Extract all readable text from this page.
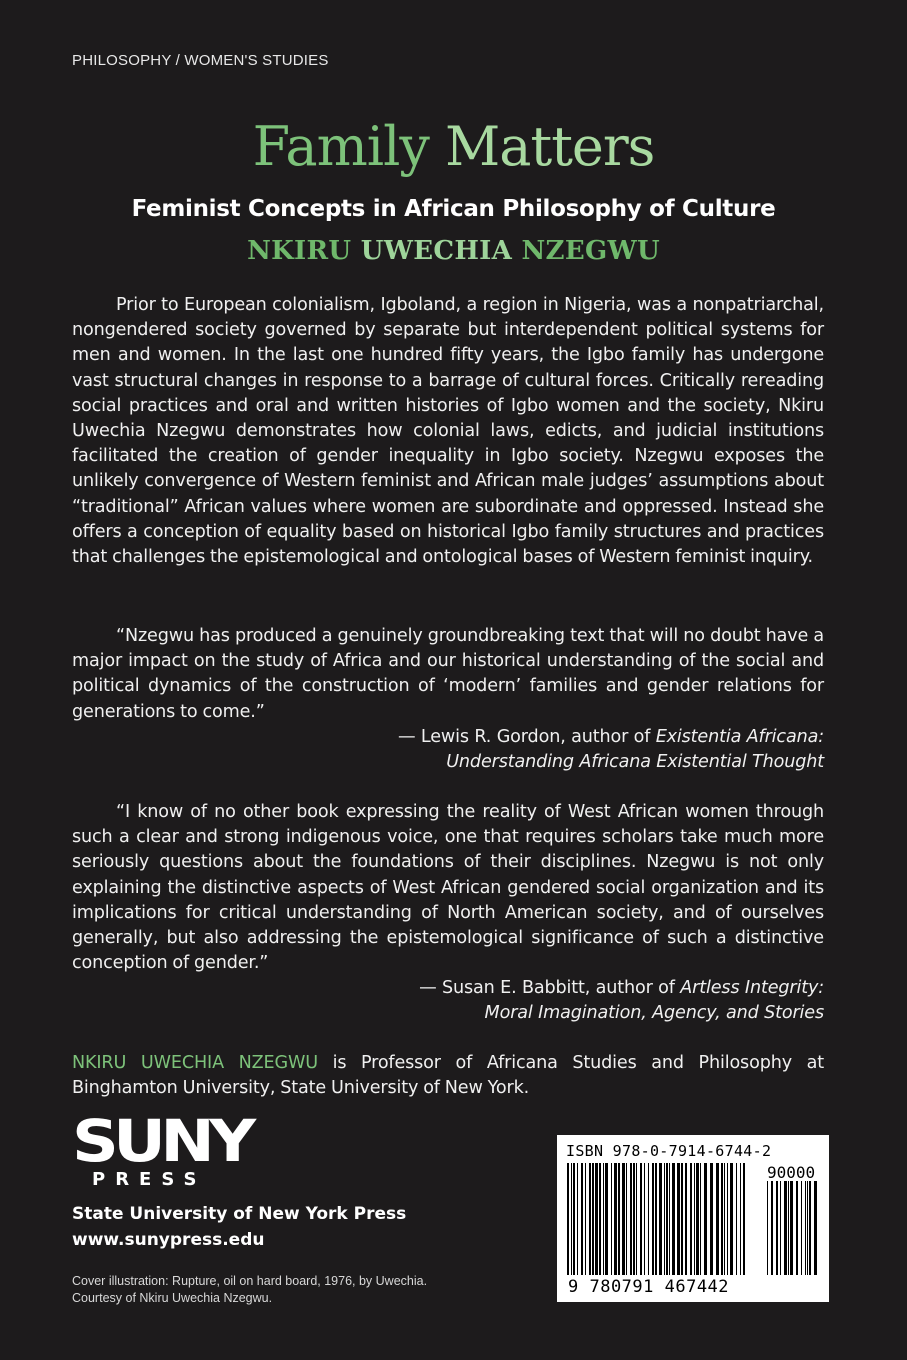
PHILOSOPHY / WOMEN'S STUDIES
Family Matters
Feminist Concepts in African Philosophy of Culture
NKIRU UWECHIA NZEGWU

Prior to European colonialism, Igboland, a region in Nigeria, was a nonpatriarchal, nongendered society governed by separate but interdependent political systems for men and women. In the last one hundred fifty years, the Igbo family has undergone vast structural changes in response to a barrage of cultural forces. Critically rereading social practices and oral and written histories of Igbo women and the society, Nkiru Uwechia Nzegwu demonstrates how colonial laws, edicts, and judicial institutions facilitated the creation of gender inequality in Igbo society. Nzegwu exposes the unlikely convergence of Western feminist and African male judges’ assumptions about “traditional” African values where women are subordinate and oppressed. Instead she offers a conception of equality based on historical Igbo family structures and practices that challenges the epistemological and ontological bases of Western feminist inquiry.

“Nzegwu has produced a genuinely groundbreaking text that will no doubt have a major impact on the study of Africa and our historical understanding of the social and political dynamics of the construction of ‘modern’ families and gender relations for generations to come.”

— Lewis R. Gordon, author of Existentia Africana:
Understanding Africana Existential Thought

“I know of no other book expressing the reality of West African women through such a clear and strong indigenous voice, one that requires scholars take much more seriously questions about the foundations of their disciplines. Nzegwu is not only explaining the distinctive aspects of West African gendered social organization and its implications for critical understanding of North American society, and of ourselves generally, but also addressing the epistemological significance of such a distinctive conception of gender.”

— Susan E. Babbitt, author of Artless Integrity:
Moral Imagination, Agency, and Stories

NKIRU UWECHIA NZEGWU is Professor of Africana Studies and Philosophy at Binghamton University, State University of New York.

SUNY
PRESS
State University of New York Press
www.sunypress.edu
Cover illustration: Rupture, oil on hard board, 1976, by Uwechia.
Courtesy of Nkiru Uwechia Nzegwu.
ISBN 978-0-7914-6744-2
90000
9 780791 467442
